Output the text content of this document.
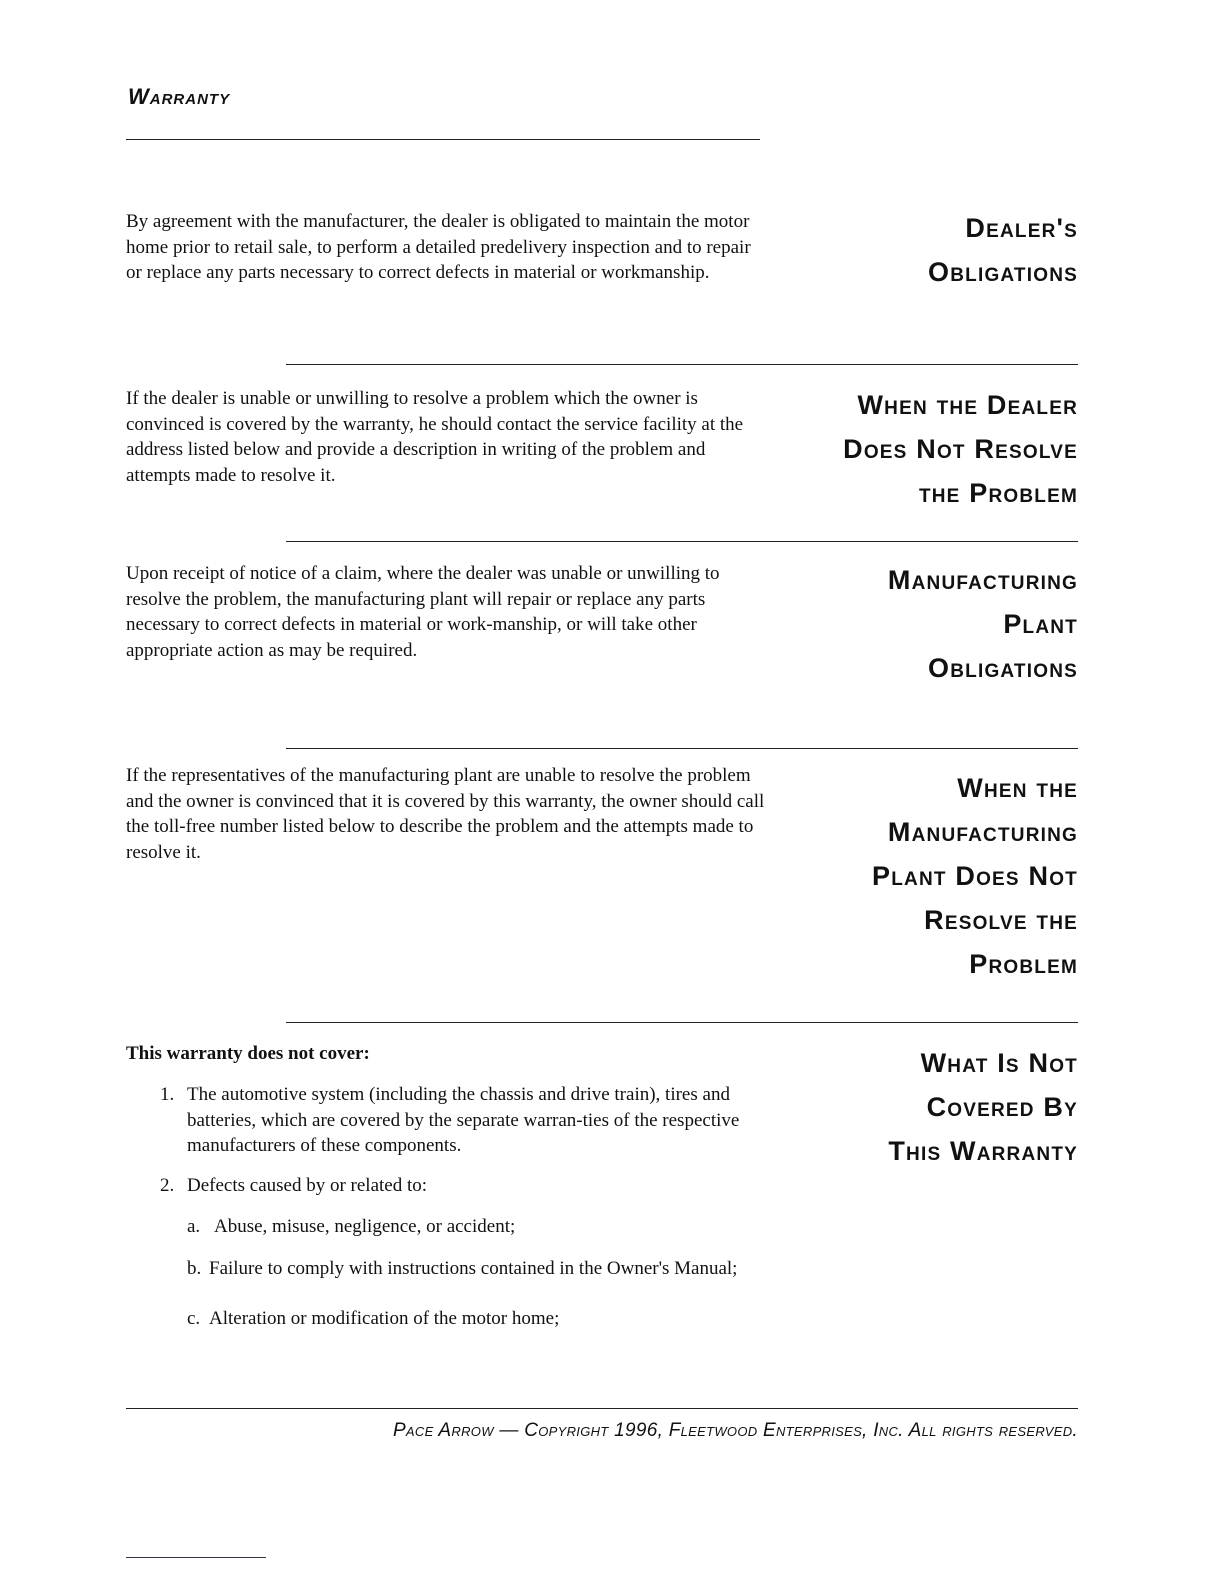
Warranty

By agreement with the manufacturer, the dealer is obligated to maintain the motor home prior to retail sale, to perform a detailed predelivery inspection and to repair or replace any parts necessary to correct defects in material or workmanship.

Dealer's
Obligations

If the dealer is unable or unwilling to resolve a problem which the owner is convinced is covered by the warranty, he should contact the service facility at the address listed below and provide a description in writing of the problem and attempts made to resolve it.

When the Dealer
Does Not Resolve
the Problem

Upon receipt of notice of a claim, where the dealer was unable or unwilling to resolve the problem, the manufacturing plant will repair or replace any parts necessary to correct defects in material or work-manship, or will take other appropriate action as may be required.

Manufacturing
Plant
Obligations

If the representatives of the manufacturing plant are unable to resolve the problem and the owner is convinced that it is covered by this warranty, the owner should call the toll-free number listed below to describe the problem and the attempts made to resolve it.

When the
Manufacturing
Plant Does Not
Resolve the
Problem

This warranty does not cover:	What Is Not
Covered By
This Warranty
1. The automotive system (including the chassis and drive train), tires and batteries, which are covered by the separate warran-ties of the respective manufacturers of these components.
2. Defects caused by or related to:
a. Abuse, misuse, negligence, or accident;
b. Failure to comply with instructions contained in the Owner's Manual;
c. Alteration or modification of the motor home;

Pace Arrow — Copyright 1996, Fleetwood Enterprises, Inc. All rights reserved.
